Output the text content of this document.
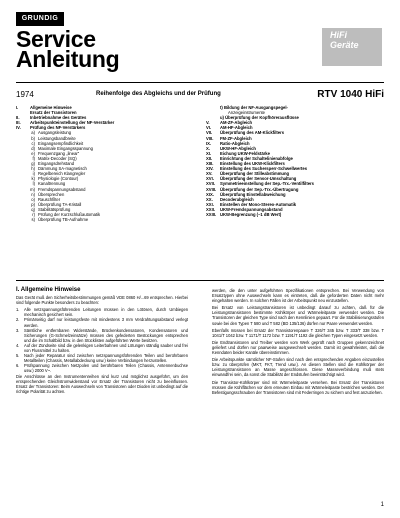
GRUNDIG
Service
Anleitung
HiFi
Geräte
1974	Reihenfolge des Abgleichs und der Prüfung	RTV 1040 HiFi
I.	Allgemeine Hinweise
Ersatz der Transistoren
II.	Inbetriebnahme des Gerätes
III.	Arbeitspunkteinstellung der NF-Verstärker
IV.	Prüfung des NF-Verstärkers
a) Ausgangsleistung
b) Leistungsbandbreite
c) Eingangsempfindlichkeit
d) Maximale Eingangsspannung
e) Frequenzgang „linear“
f) Matrix-Decoder (SQ)
g) Eingangsdrehstand
h) Dämmung SA-magnetisch
i) Regelbereich Klangregler
k) Physiologie (Contour)
l) Kanaltrennung
m) Fremdspannungsabstand
n) Übersprechen
o) Rauschfilter
p) Überprüfung TA-Kristall
q) Stabilitätsprüfung
r) Prüfung der Kurzschlußautomatik
s) Überprüfung TB-Aufnahme
t) Bildung der NF-Ausgangspegel-
Anzeigeinstrumente
u) Überprüfung der Kopfhörerausflüsse
V.	AM-ZF-Abgleich
VI.	AM-HF-Abgleich
VII.	Überprüfung des AM-Klickfilters
VIII.	FM-ZF-Abgleich
IX.	Ratio-Abgleich
X.	UKW-HF-Abgleich
XI.	Eichung UKW-Feldstärke
XII.	Einrichtung der Schaltelinienabfolge
XIII.	Einstellung des UKW-Klickfilters
XIV.	Einstellung des Suchersperr-Schwellwertes
XV.	Überprüfung der Stilleabstimmung
XVI.	Überprüfung der Sensor-Umschaltung
XVII.	Symmetrieeinstellung der Sep.-Trx.-Ventilfilters
XVIII. Überprüfung der Sep.-Trx.-Übertragung
XIX.	Überprüfung Einstellabweichung
XX.	Decoderabgleich
XXI.	Einstellen der Mono-Stereo-Automatik
XXII.	UKW-Fremdspannungsabstand
XXIII. UKW-Begrenzung (–1 dB Wert)
I. Allgemeine Hinweise

Das Gerät muß den Sicherheitsbestimmungen gemäß VDE 0860 H/...69 entsprechen. Hierbei sind folgende Punkte besonders zu beachten:

1.	Alle netzspannungsführenden Leitungen müssen in den Lötösen, durch Umbiegen mechanisch gesichert sein.
2.	Primärseitig darf nur leistungsfeste mit mindestens 3 mm Verdrahtungsabstand verlegt werden.
3.	Sämtliche entfernbaren Widerstände, Brückenkondensatoren, Kondensatoren und Sicherungen (G-Schmelzeinsätze) müssen des gefederten Bestückungen entsprechen und die im Schaltbild bzw. in den Stücklisten aufgeführten Werte besitzen.
4.	Auf der Zündseite sind die gelenkigen Leiterbahnen und Lötungen ständig sauber und frei von Flussmittel zu halten.
5.	Nach jeder Reparatur sind zwischen netzspannungsführenden Teilen und berührbaren Metallteilen (Chassis, Metallabdeckung usw.) keine Verbindungen herzustellen.
6.	Prüfspannung zwischen Netzpolen und berührbaren Teilen (Chassis, Antennenbuchse usw.) 2000 V~.

Die Anschlüsse an den Instrumentenreihen sind kurz und möglichst ausgeführt, um den entsprechenden Gleichstromwiderstand vor Ersatz der Transistoren nicht zu beeinflussen. Ersatz der Transistoren: Beim Auswechseln von Transistoren oder Dioden ist unbedingt auf die richtige Polarität zu achten.

werden, die den unter aufgeführten Spezifikationen entsprechen. Bei Verwendung von Ersatztypen ohne Auswechseln kann es eintreten, daß die geforderten Daten nicht mehr eingehalten werden. In solchen Fällen ist der Arbeitspunkt neu einzustellen.

Bei Ersatz von Leistungstransistoren ist unbedingt darauf zu achten, daß für die Leistungstransistoren bestimmte Kühlkörper und Wärmeleitpaste verwendet werden. Die Transistoren der gleichen Type sind nach den Kennlinien gepaart. Für die Stabilisierungsstufen sowie bei den Typen T 580 und T 582 (BD 135/136) dürfen nur Paare verwendet werden.

Ebenfalls müssen bei Ersatz der Transistorenpaare T 326/T 345 bzw. T 333/T 338 bzw. T 1041/T 1042 bzw. T 1171/T 1172 bzw. T 1191/T 1192 die gleichen Typen eingesetzt werden.

Die Endtransistoren und Treiber werden vom Werk geprüft nach Gruppen gekennzeichnet geliefert und dürfen nur paarweise ausgewechselt werden. Damit ist gewährleistet, daß die Kenndaten beider Kanäle übereinstimmen.

Die Arbeitspunkte sämtlicher NF-Stufen sind nach den entsprechenden Angaben einzustellen bzw. zu überprüfen (MKT, FKT, Trend usw.). An diesen Stellen sind die Kühlkörper der Leistungstransistoren an Masse angeschlossen. Diese Masseverbindung muß stets einwandfrei sein, da sonst die Stabilität der Endstufen beeinträchtigt wird.

Die Transistor-Kühlkörper sind mit Wärmeleitpaste versehen. Bei Ersatz der Transistoren müssen die Kühlflächen vor dem erneuten Einbau mit Wärmeleitpaste bestrichen werden. Der Befestigungsschrauben der Transistoren sind mit Federringen zu sichern und fest anzuziehen.

1
